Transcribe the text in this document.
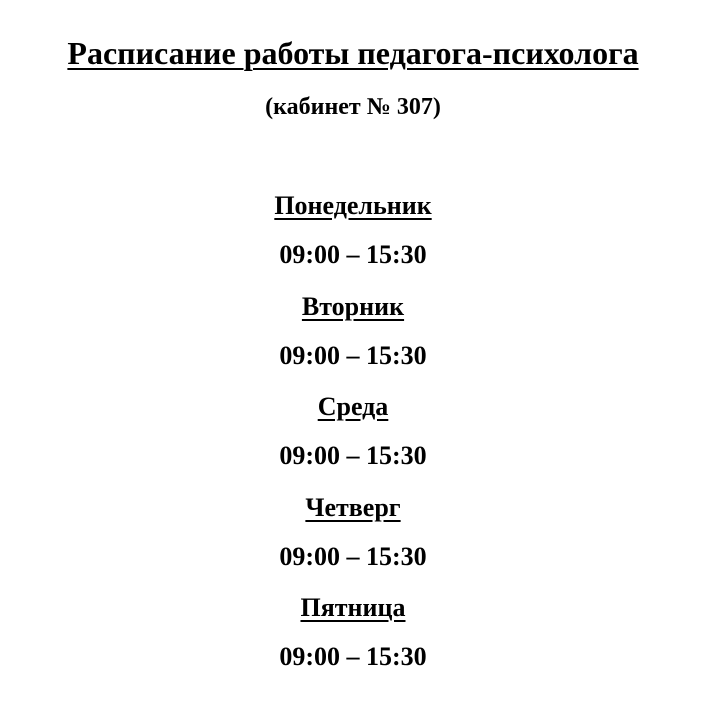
Расписание работы педагога-психолога
(кабинет № 307)
Понедельник
09:00 – 15:30
Вторник
09:00 – 15:30
Среда
09:00 – 15:30
Четверг
09:00 – 15:30
Пятница
09:00 – 15:30
